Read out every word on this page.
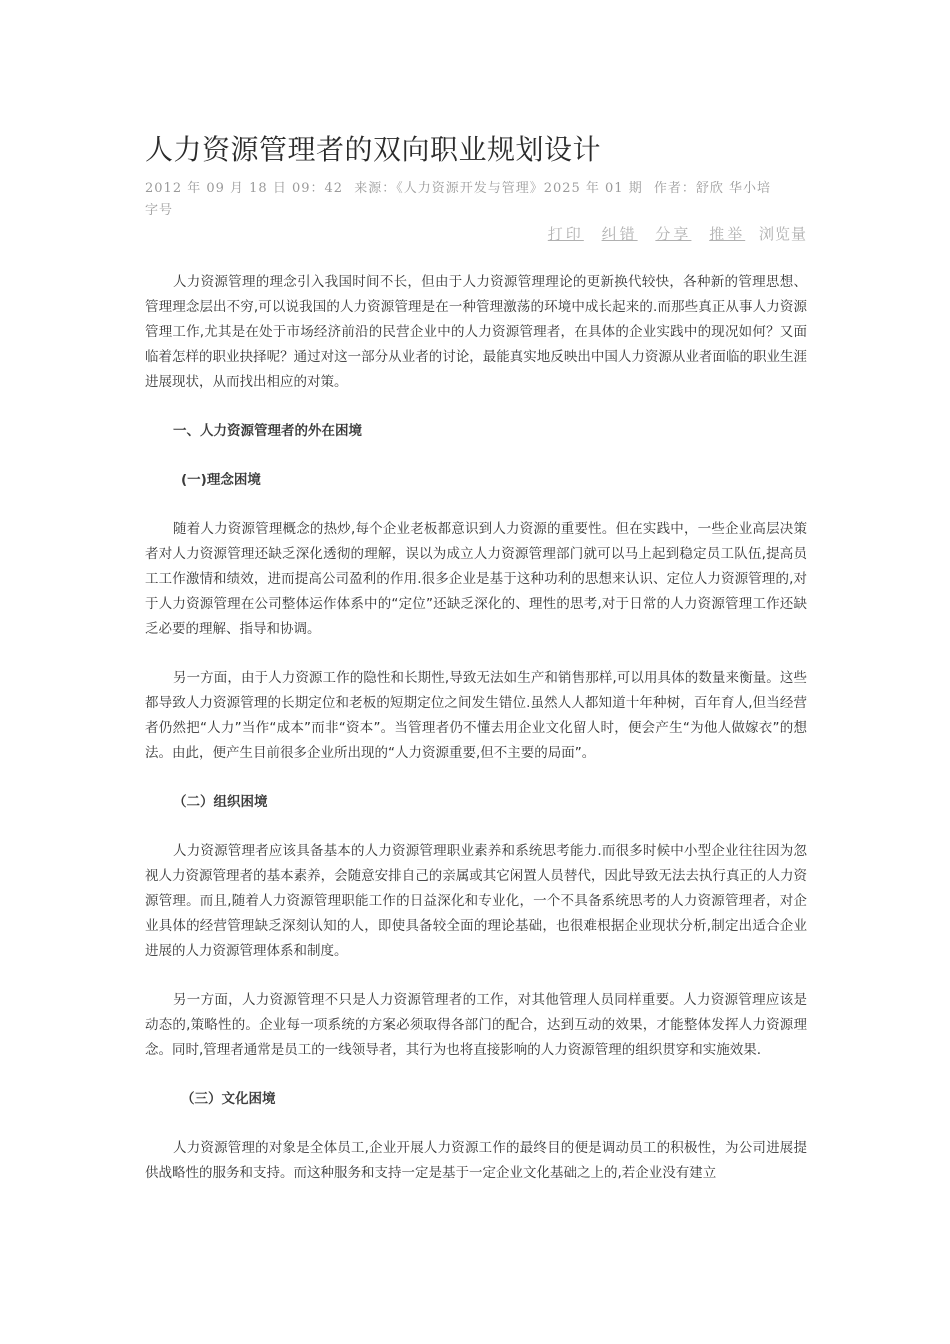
人力资源管理者的双向职业规划设计
2012 年 09 月 18 日 09：42 来源：《人力资源开发与管理》2025 年 01 期 作者：舒欣 华小培
字号
打印 纠错 分享 推举 浏览量

人力资源管理的理念引入我国时间不长，但由于人力资源管理理论的更新换代较快，各种新的管理思想、管理理念层出不穷,可以说我国的人力资源管理是在一种管理激荡的环境中成长起来的.而那些真正从事人力资源管理工作,尤其是在处于市场经济前沿的民营企业中的人力资源管理者，在具体的企业实践中的现况如何？又面临着怎样的职业抉择呢？通过对这一部分从业者的讨论，最能真实地反映出中国人力资源从业者面临的职业生涯进展现状，从而找出相应的对策。

一、人力资源管理者的外在困境
(一)理念困境

随着人力资源管理概念的热炒,每个企业老板都意识到人力资源的重要性。但在实践中，一些企业高层决策者对人力资源管理还缺乏深化透彻的理解，误以为成立人力资源管理部门就可以马上起到稳定员工队伍,提高员工工作激情和绩效，进而提高公司盈利的作用.很多企业是基于这种功利的思想来认识、定位人力资源管理的,对于人力资源管理在公司整体运作体系中的“定位”还缺乏深化的、理性的思考,对于日常的人力资源管理工作还缺乏必要的理解、指导和协调。

另一方面，由于人力资源工作的隐性和长期性,导致无法如生产和销售那样,可以用具体的数量来衡量。这些都导致人力资源管理的长期定位和老板的短期定位之间发生错位.虽然人人都知道十年种树，百年育人,但当经营者仍然把“人力”当作“成本”而非“资本”。当管理者仍不懂去用企业文化留人时，便会产生“为他人做嫁衣”的想法。由此，便产生目前很多企业所出现的“人力资源重要,但不主要的局面”。

（二）组织困境

人力资源管理者应该具备基本的人力资源管理职业素养和系统思考能力.而很多时候中小型企业往往因为忽视人力资源管理者的基本素养，会随意安排自己的亲属或其它闲置人员替代，因此导致无法去执行真正的人力资源管理。而且,随着人力资源管理职能工作的日益深化和专业化，一个不具备系统思考的人力资源管理者，对企业具体的经营管理缺乏深刻认知的人，即使具备较全面的理论基础，也很难根据企业现状分析,制定出适合企业进展的人力资源管理体系和制度。

另一方面，人力资源管理不只是人力资源管理者的工作，对其他管理人员同样重要。人力资源管理应该是动态的,策略性的。企业每一项系统的方案必须取得各部门的配合，达到互动的效果，才能整体发挥人力资源理念。同时,管理者通常是员工的一线领导者，其行为也将直接影响的人力资源管理的组织贯穿和实施效果.

（三）文化困境

人力资源管理的对象是全体员工,企业开展人力资源工作的最终目的便是调动员工的积极性，为公司进展提供战略性的服务和支持。而这种服务和支持一定是基于一定企业文化基础之上的,若企业没有建立
